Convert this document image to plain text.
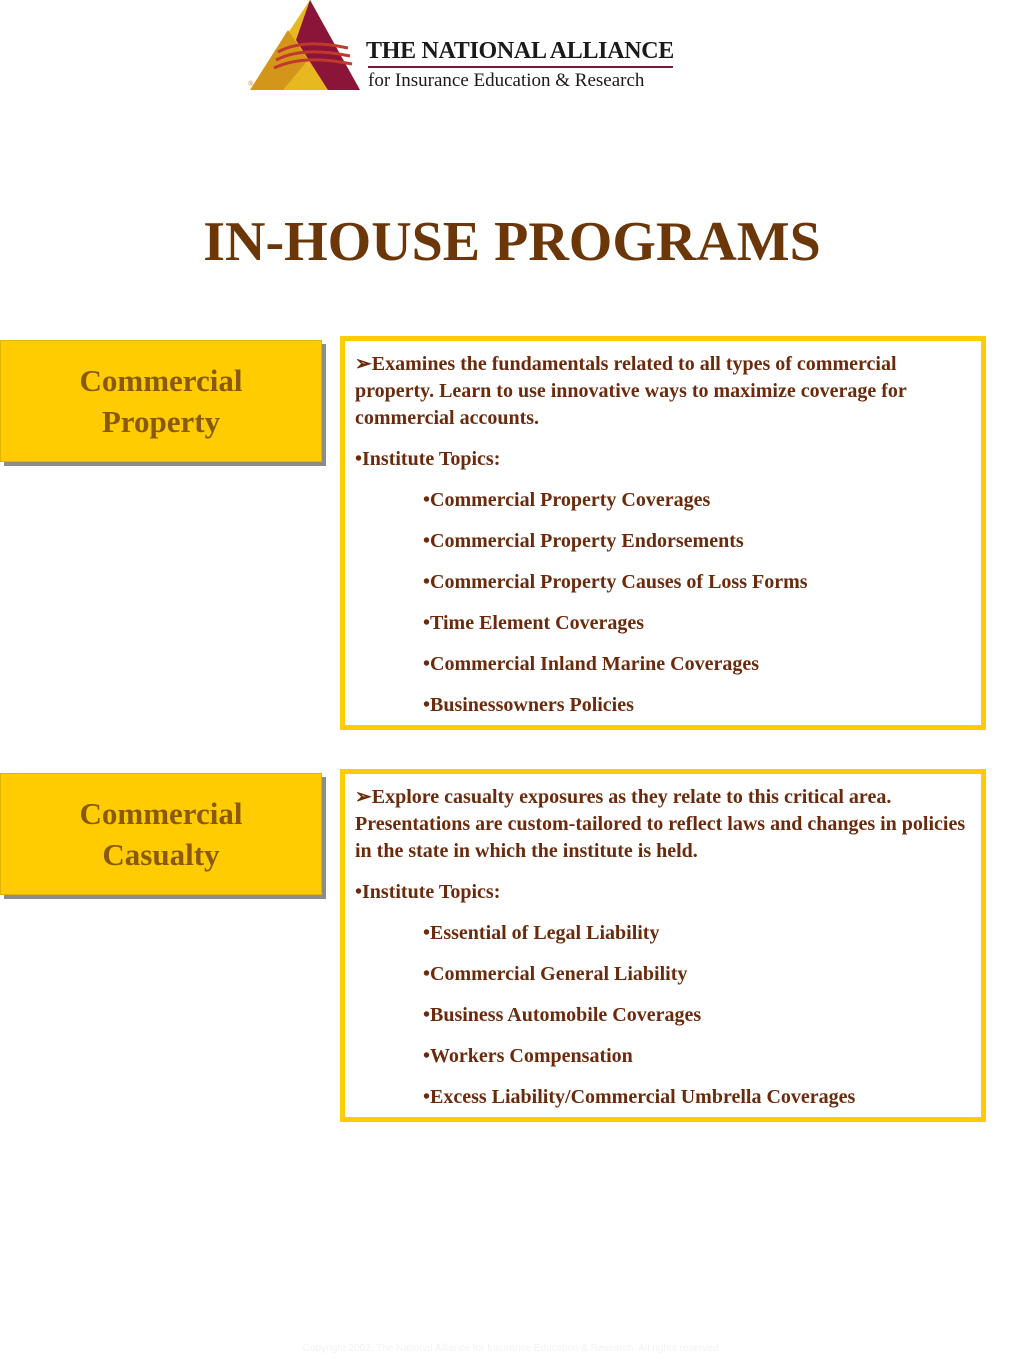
®
THE NATIONAL ALLIANCE
for Insurance Education & Research
IN-HOUSE PROGRAMS
Commercial
Property
➢Examines the fundamentals related to all types of commercial property. Learn to use innovative ways to maximize coverage for commercial accounts.
•Institute Topics:
•Commercial Property Coverages
•Commercial Property Endorsements
•Commercial Property Causes of Loss Forms
•Time Element Coverages
•Commercial Inland Marine Coverages
•Businessowners Policies
Commercial
Casualty
➢Explore casualty exposures as they relate to this critical area. Presentations are custom-tailored to reflect laws and changes in policies in the state in which the institute is held.
•Institute Topics:
•Essential of Legal Liability
•Commercial General Liability
•Business Automobile Coverages
•Workers Compensation
•Excess Liability/Commercial Umbrella Coverages
Copyright 2002, The National Alliance for Insurance Education & Research. All rights reserved.
